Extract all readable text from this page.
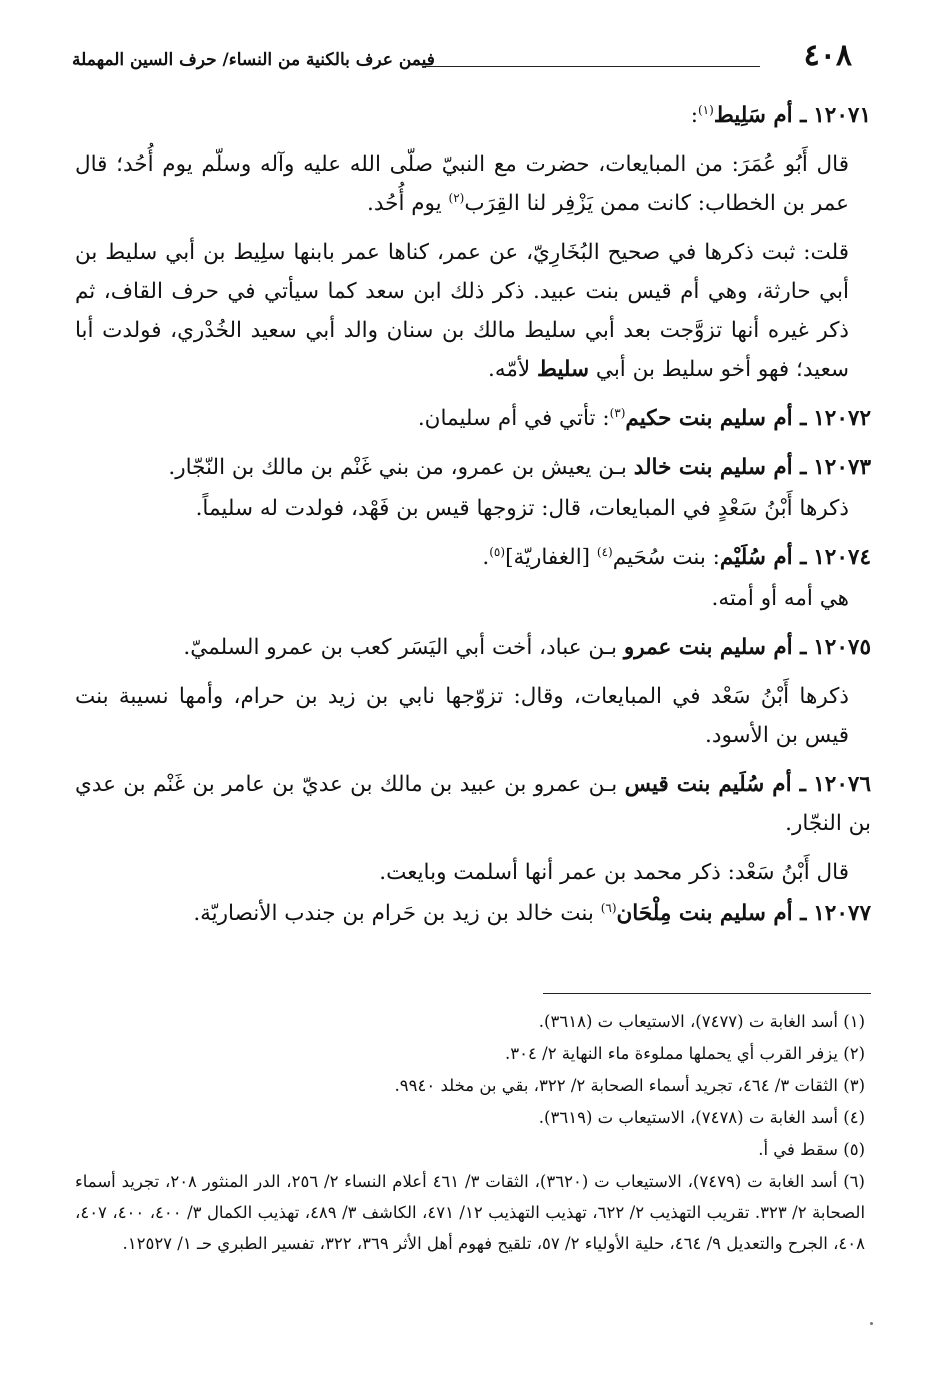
٤٠٨
فيمن عرف بالكنية من النساء/ حرف السين المهملة

١٢٠٧١ ـ أم سَلِيط$^{(١)}$:

قال أَبُو عُمَرَ: من المبايعات، حضرت مع النبيّ صلّى الله عليه وآله وسلّم يوم أُحُد؛ قال عمر بن الخطاب: كانت ممن يَزْفِر لنا القِرَب$^{(٢)}$ يوم أُحُد.

قلت: ثبت ذكرها في صحيح البُخَارِيّ، عن عمر، كناها عمر بابنها سلِيط بن أبي سليط بن أبي حارثة، وهي أم قيس بنت عبيد. ذكر ذلك ابن سعد كما سيأتي في حرف القاف، ثم ذكر غيره أنها تزوَّجت بعد أبي سليط مالك بن سنان والد أبي سعيد الخُدْري، فولدت أبا سعيد؛ فهو أخو سليط بن أبي سليط لأمّه.

١٢٠٧٢ ـ أم سليم بنت حكيم$^{(٣)}$: تأتي في أم سليمان.

١٢٠٧٣ ـ أم سليم بنت خالد بـن يعيش بن عمرو، من بني غَنْم بن مالك بن النّجّار.

ذكرها أَبْنُ سَعْدٍ في المبايعات، قال: تزوجها قيس بن فَهْد، فولدت له سليماً.

١٢٠٧٤ ـ أم سُلَيْم: بنت سُحَيم$^{(٤)}$ [الغفاريّة]$^{(٥)}$.

هي أمه أو أمته.

١٢٠٧٥ ـ أم سليم بنت عمرو بـن عباد، أخت أبي اليَسَر كعب بن عمرو السلميّ.

ذكرها أَبْنُ سَعْد في المبايعات، وقال: تزوّجها نابي بن زيد بن حرام، وأمها نسيبة بنت قيس بن الأسود.

١٢٠٧٦ ـ أم سُلَيم بنت قيس بـن عمرو بن عبيد بن مالك بن عديّ بن عامر بن غَنْم بن عدي بن النجّار.

قال أَبْنُ سَعْد: ذكر محمد بن عمر أنها أسلمت وبايعت.

١٢٠٧٧ ـ أم سليم بنت مِلْحَان$^{(٦)}$ بنت خالد بن زيد بن حَرام بن جندب الأنصاريّة.

(١) أسد الغابة ت (٧٤٧٧)، الاستيعاب ت (٣٦١٨).

(٢) يزفر القرب أي يحملها مملوءة ماء النهاية ٢/ ٣٠٤.

(٣) الثقات ٣/ ٤٦٤، تجريد أسماء الصحابة ٢/ ٣٢٢، بقي بن مخلد ٩٩٤٠.

(٤) أسد الغابة ت (٧٤٧٨)، الاستيعاب ت (٣٦١٩).

(٥) سقط في أ.

(٦) أسد الغابة ت (٧٤٧٩)، الاستيعاب ت (٣٦٢٠)، الثقات ٣/ ٤٦١ أعلام النساء ٢/ ٢٥٦، الدر المنثور ٢٠٨، تجريد أسماء الصحابة ٢/ ٣٢٣. تقريب التهذيب ٢/ ٦٢٢، تهذيب التهذيب ١٢/ ٤٧١، الكاشف ٣/ ٤٨٩، تهذيب الكمال ٣/ ٤٠٠، ٤٠٠، ٤٠٧، ٤٠٨، الجرح والتعديل ٩/ ٤٦٤، حلية الأولياء ٢/ ٥٧، تلقيح فهوم أهل الأثر ٣٦٩، ٣٢٢، تفسير الطبري حـ ١/ ١٢٥٢٧.
